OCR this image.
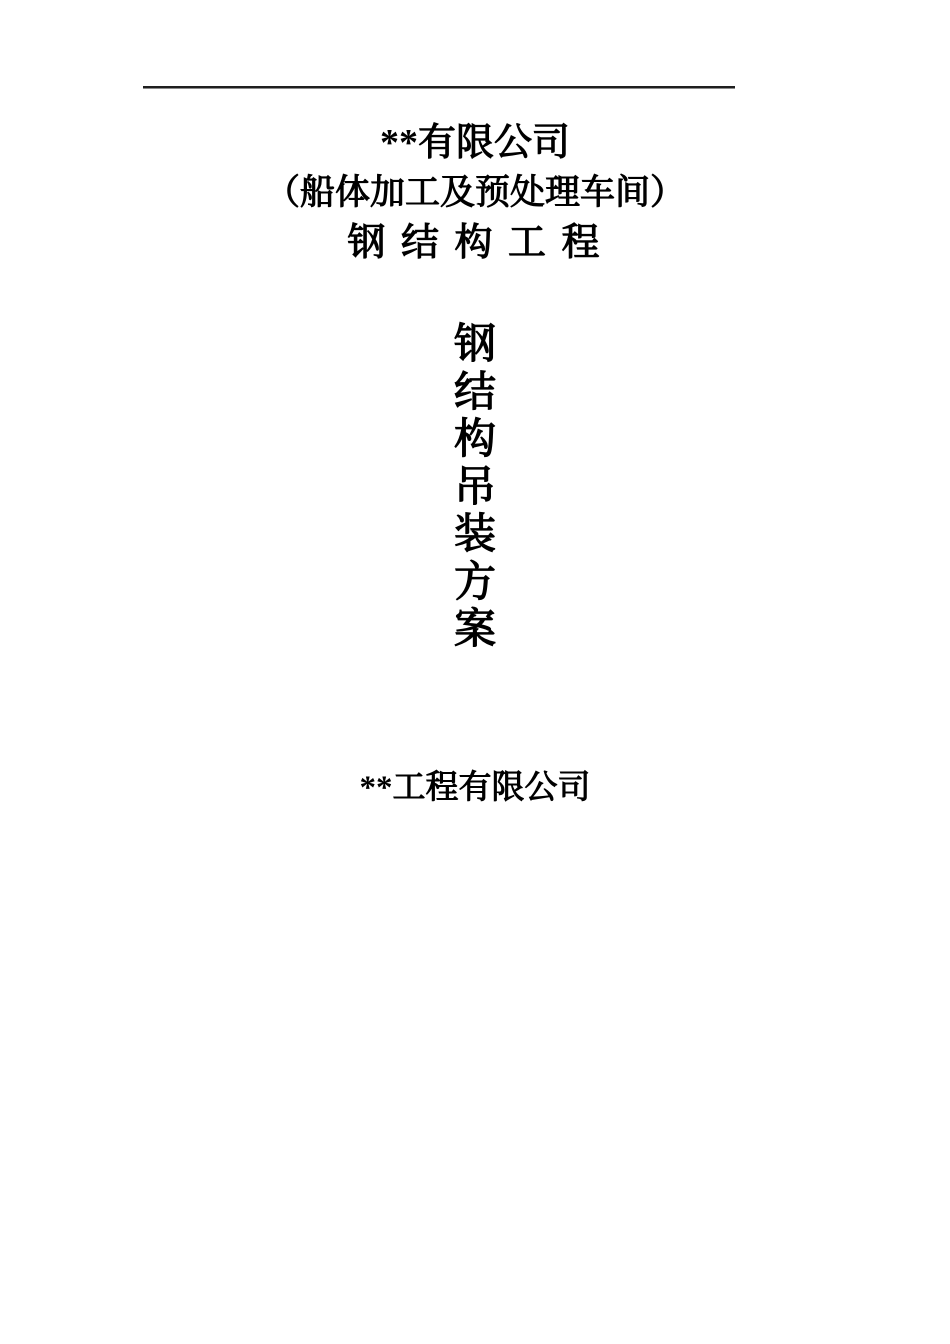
**有限公司
（船体加工及预处理车间）
钢 结 构 工 程
钢
结
构
吊
装
方
案
**工程有限公司
